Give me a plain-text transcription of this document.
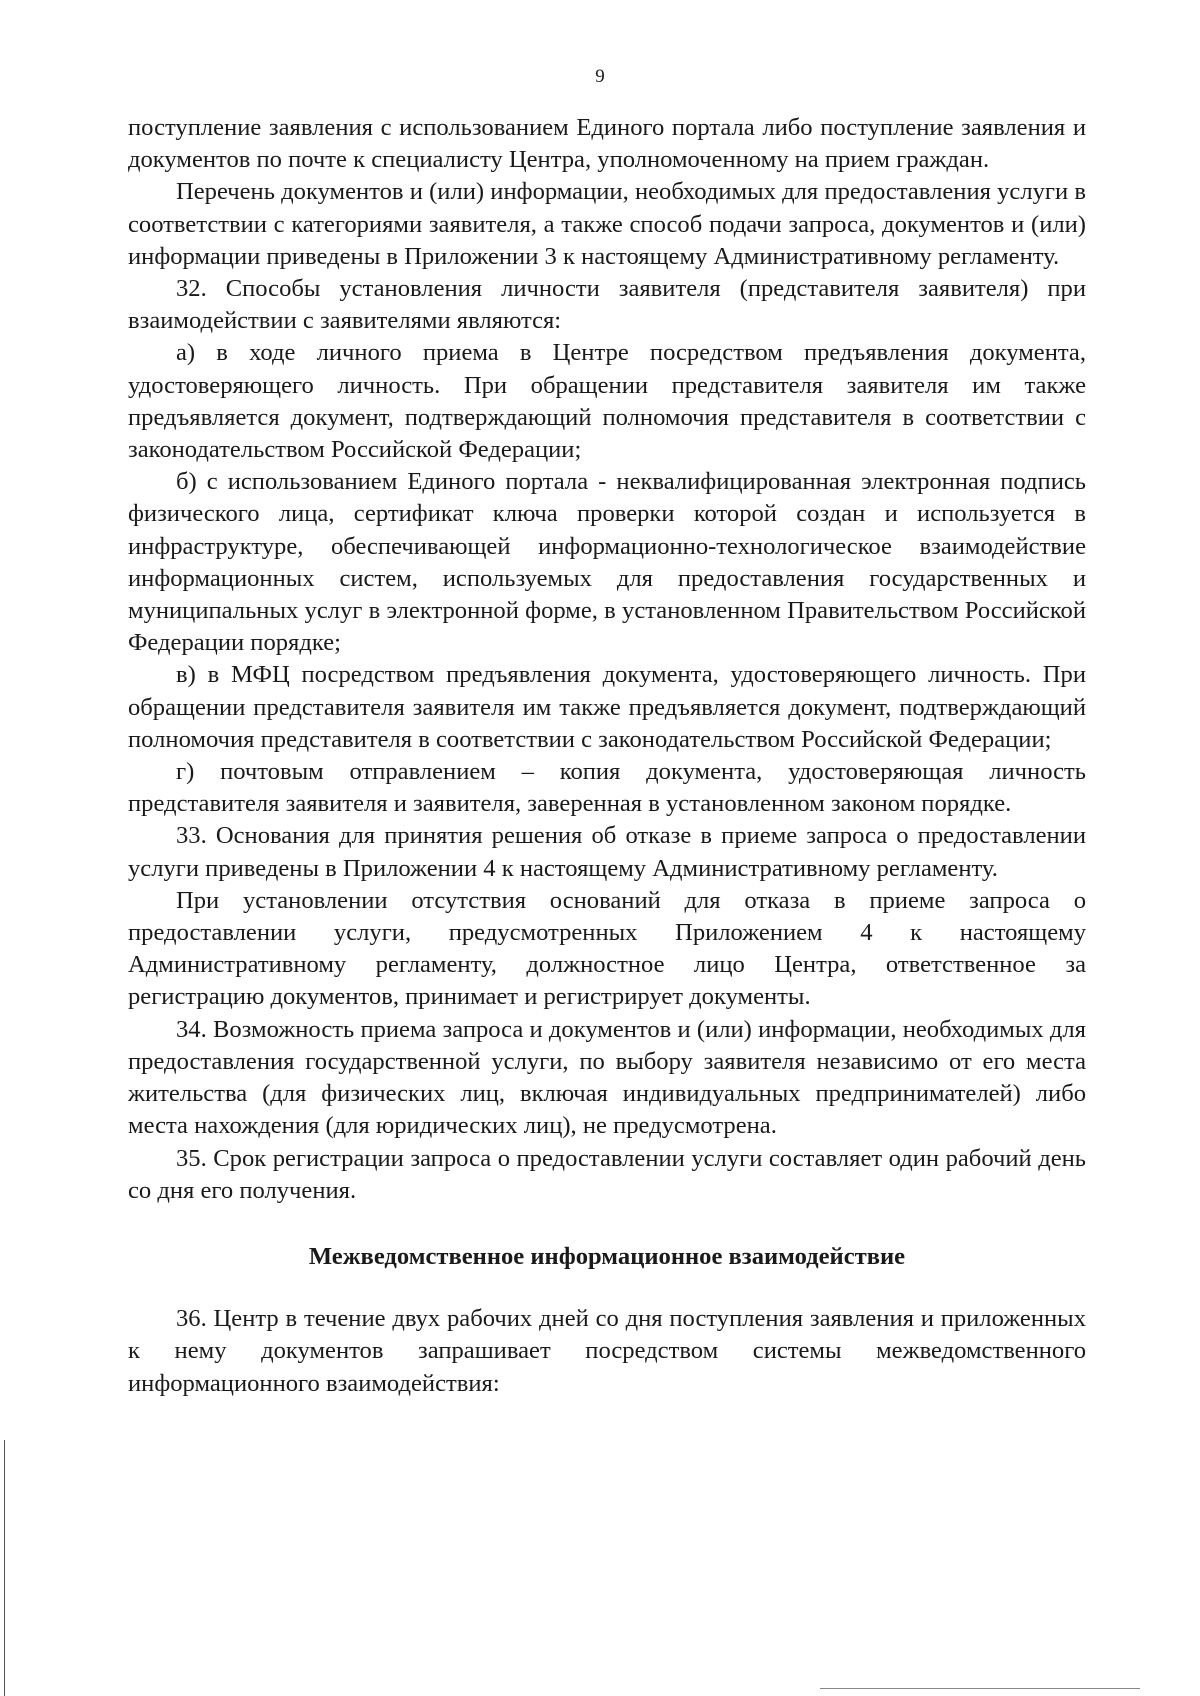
9

поступление заявления с использованием Единого портала либо поступление заявления и документов по почте к специалисту Центра, уполномоченному на прием граждан.

Перечень документов и (или) информации, необходимых для предоставления услуги в соответствии с категориями заявителя, а также способ подачи запроса, документов и (или) информации приведены в Приложении 3 к настоящему Административному регламенту.

32. Способы установления личности заявителя (представителя заявителя) при взаимодействии с заявителями являются:

а) в ходе личного приема в Центре посредством предъявления документа, удостоверяющего личность. При обращении представителя заявителя им также предъявляется документ, подтверждающий полномочия представителя в соответствии с законодательством Российской Федерации;

б) с использованием Единого портала - неквалифицированная электронная подпись физического лица, сертификат ключа проверки которой создан и используется в инфраструктуре, обеспечивающей информационно-технологическое взаимодействие информационных систем, используемых для предоставления государственных и муниципальных услуг в электронной форме, в установленном Правительством Российской Федерации порядке;

в) в МФЦ посредством предъявления документа, удостоверяющего личность. При обращении представителя заявителя им также предъявляется документ, подтверждающий полномочия представителя в соответствии с законодательством Российской Федерации;

г) почтовым отправлением – копия документа, удостоверяющая личность представителя заявителя и заявителя, заверенная в установленном законом порядке.

33. Основания для принятия решения об отказе в приеме запроса о предоставлении услуги приведены в Приложении 4 к настоящему Административному регламенту.

При установлении отсутствия оснований для отказа в приеме запроса о предоставлении услуги, предусмотренных Приложением 4 к настоящему Административному регламенту, должностное лицо Центра, ответственное за регистрацию документов, принимает и регистрирует документы.

34. Возможность приема запроса и документов и (или) информации, необходимых для предоставления государственной услуги, по выбору заявителя независимо от его места жительства (для физических лиц, включая индивидуальных предпринимателей) либо места нахождения (для юридических лиц), не предусмотрена.

35. Срок регистрации запроса о предоставлении услуги составляет один рабочий день со дня его получения.

Межведомственное информационное взаимодействие

36. Центр в течение двух рабочих дней со дня поступления заявления и приложенных к нему документов запрашивает посредством системы межведомственного информационного взаимодействия:
